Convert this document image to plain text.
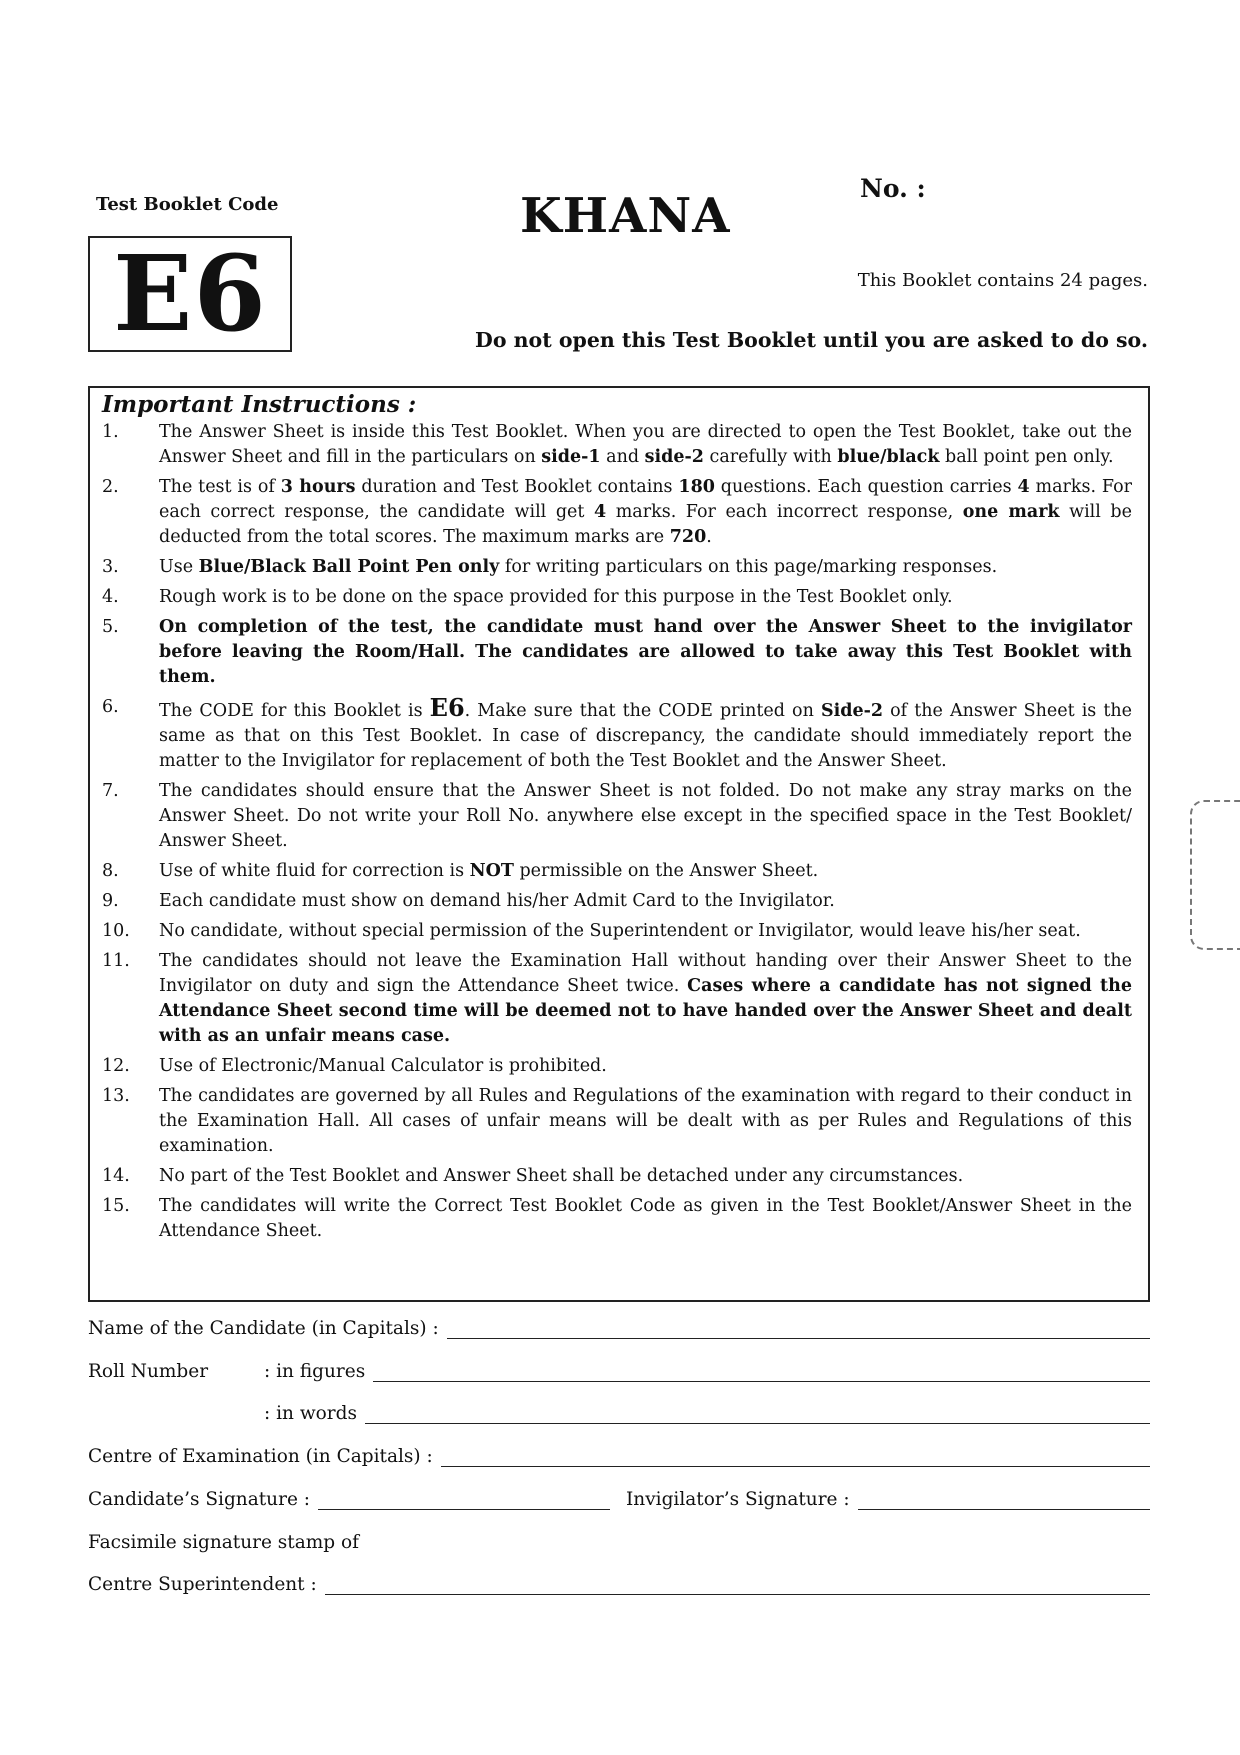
Test Booklet Code
E6
KHANA	No. :
This Booklet contains 24 pages.
Do not open this Test Booklet until you are asked to do so.
Important Instructions :
1.	The Answer Sheet is inside this Test Booklet. When you are directed to open the Test Booklet, take out the Answer Sheet and fill in the particulars on side-1 and side-2 carefully with blue/black ball point pen only.
2.	The test is of 3 hours duration and Test Booklet contains 180 questions. Each question carries 4 marks. For each correct response, the candidate will get 4 marks. For each incorrect response, one mark will be deducted from the total scores. The maximum marks are 720.
3.	Use Blue/Black Ball Point Pen only for writing particulars on this page/marking responses.
4.	Rough work is to be done on the space provided for this purpose in the Test Booklet only.
5.	On completion of the test, the candidate must hand over the Answer Sheet to the invigilator before leaving the Room/Hall. The candidates are allowed to take away this Test Booklet with them.
6.	The CODE for this Booklet is E6. Make sure that the CODE printed on Side-2 of the Answer Sheet is the same as that on this Test Booklet. In case of discrepancy, the candidate should immediately report the matter to the Invigilator for replacement of both the Test Booklet and the Answer Sheet.
7.	The candidates should ensure that the Answer Sheet is not folded. Do not make any stray marks on the Answer Sheet. Do not write your Roll No. anywhere else except in the specified space in the Test Booklet/ Answer Sheet.
8.	Use of white fluid for correction is NOT permissible on the Answer Sheet.
9.	Each candidate must show on demand his/her Admit Card to the Invigilator.
10.	No candidate, without special permission of the Superintendent or Invigilator, would leave his/her seat.
11.	The candidates should not leave the Examination Hall without handing over their Answer Sheet to the Invigilator on duty and sign the Attendance Sheet twice. Cases where a candidate has not signed the Attendance Sheet second time will be deemed not to have handed over the Answer Sheet and dealt with as an unfair means case.
12.	Use of Electronic/Manual Calculator is prohibited.
13.	The candidates are governed by all Rules and Regulations of the examination with regard to their conduct in the Examination Hall. All cases of unfair means will be dealt with as per Rules and Regulations of this examination.
14.	No part of the Test Booklet and Answer Sheet shall be detached under any circumstances.
15.	The candidates will write the Correct Test Booklet Code as given in the Test Booklet/Answer Sheet in the Attendance Sheet.
Name of the Candidate (in Capitals) :
Roll Number	: in figures
: in words
Centre of Examination (in Capitals) :
Candidate’s Signature :	Invigilator’s Signature :
Facsimile signature stamp of
Centre Superintendent :
